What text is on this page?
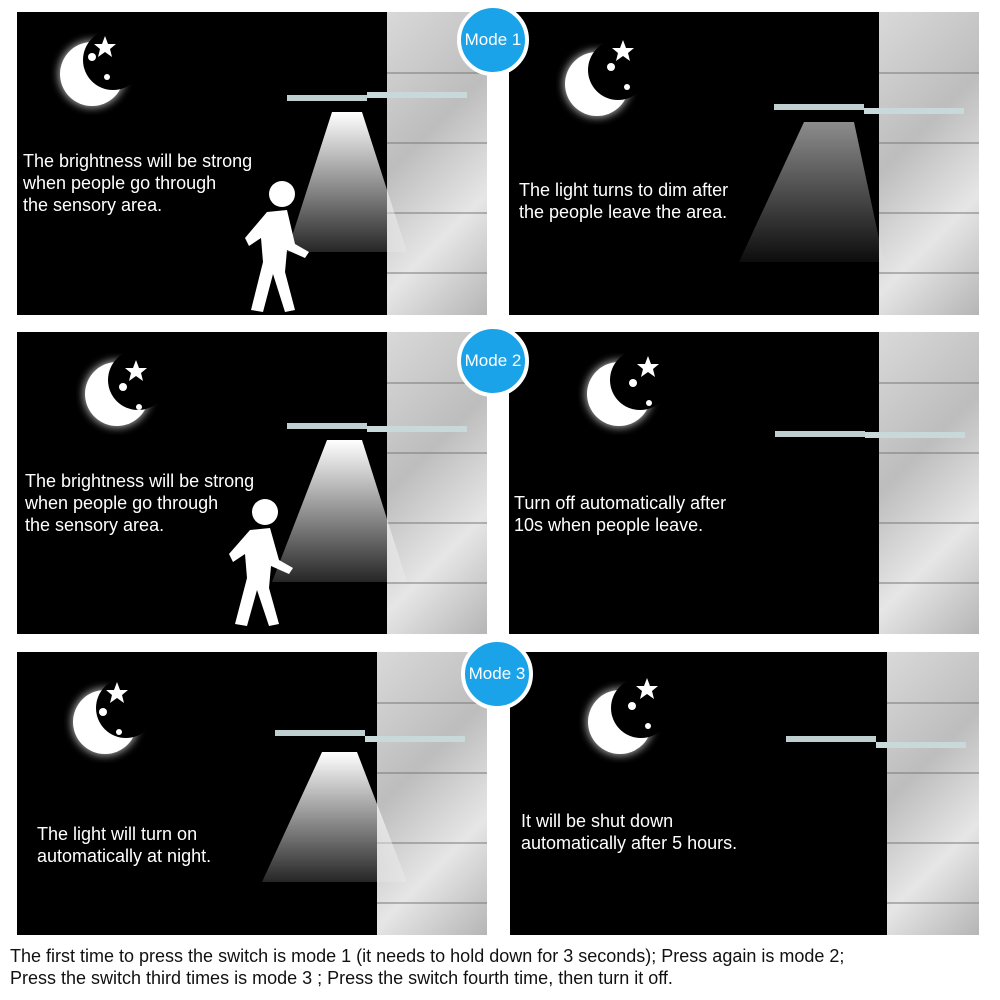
The brightness will be strong
when people go through
the sensory area.
The light turns to dim after
the people leave the area.
Mode 1
The brightness will be strong
when people go through
the sensory area.
Turn off automatically after
10s when people leave.
Mode 2
The light will turn on
automatically at night.
It will be shut down
automatically after 5 hours.
Mode 3
The first time to press the switch is mode 1 (it needs to hold down for 3 seconds); Press again is mode 2;
Press the switch third times is mode 3 ; Press the switch fourth time, then turn it off.
